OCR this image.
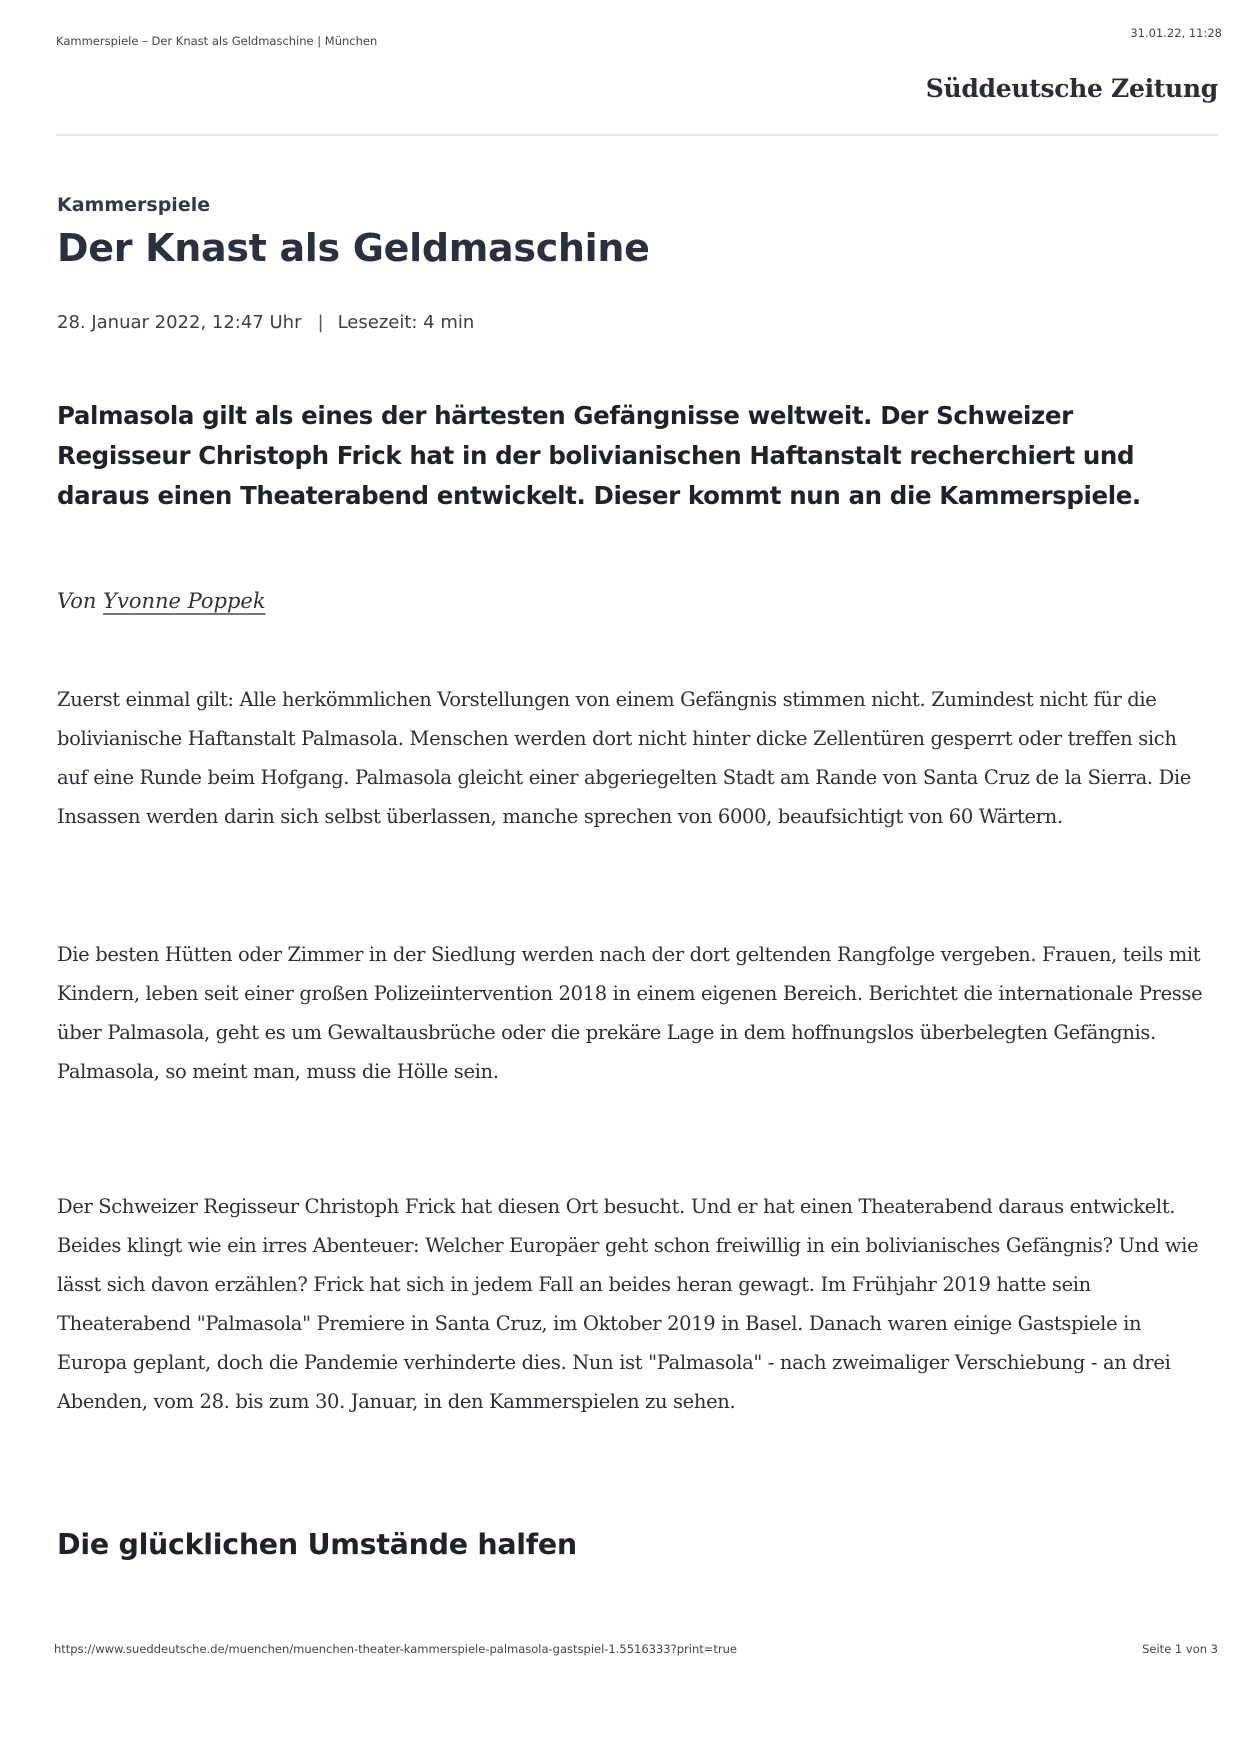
Kammerspiele – Der Knast als Geldmaschine | München
31.01.22, 11:28
Süddeutsche Zeitung
Kammerspiele
Der Knast als Geldmaschine
28. Januar 2022, 12:47 Uhr | Lesezeit: 4 min

Palmasola gilt als eines der härtesten Gefängnisse weltweit. Der Schweizer Regisseur Christoph Frick hat in der bolivianischen Haftanstalt recherchiert und daraus einen Theaterabend entwickelt. Dieser kommt nun an die Kammerspiele.

Von Yvonne Poppek

Zuerst einmal gilt: Alle herkömmlichen Vorstellungen von einem Gefängnis stimmen nicht. Zumindest nicht für die bolivianische Haftanstalt Palmasola. Menschen werden dort nicht hinter dicke Zellentüren gesperrt oder treffen sich auf eine Runde beim Hofgang. Palmasola gleicht einer abgeriegelten Stadt am Rande von Santa Cruz de la Sierra. Die Insassen werden darin sich selbst überlassen, manche sprechen von 6000, beaufsichtigt von 60 Wärtern.

Die besten Hütten oder Zimmer in der Siedlung werden nach der dort geltenden Rangfolge vergeben. Frauen, teils mit Kindern, leben seit einer großen Polizeiintervention 2018 in einem eigenen Bereich. Berichtet die internationale Presse über Palmasola, geht es um Gewaltausbrüche oder die prekäre Lage in dem hoffnungslos überbelegten Gefängnis. Palmasola, so meint man, muss die Hölle sein.

Der Schweizer Regisseur Christoph Frick hat diesen Ort besucht. Und er hat einen Theaterabend daraus entwickelt. Beides klingt wie ein irres Abenteuer: Welcher Europäer geht schon freiwillig in ein bolivianisches Gefängnis? Und wie lässt sich davon erzählen? Frick hat sich in jedem Fall an beides heran gewagt. Im Frühjahr 2019 hatte sein Theaterabend "Palmasola" Premiere in Santa Cruz, im Oktober 2019 in Basel. Danach waren einige Gastspiele in Europa geplant, doch die Pandemie verhinderte dies. Nun ist "Palmasola" - nach zweimaliger Verschiebung - an drei Abenden, vom 28. bis zum 30. Januar, in den Kammerspielen zu sehen.

Die glücklichen Umstände halfen
https://www.sueddeutsche.de/muenchen/muenchen-theater-kammerspiele-palmasola-gastspiel-1.5516333?print=true	Seite 1 von 3
